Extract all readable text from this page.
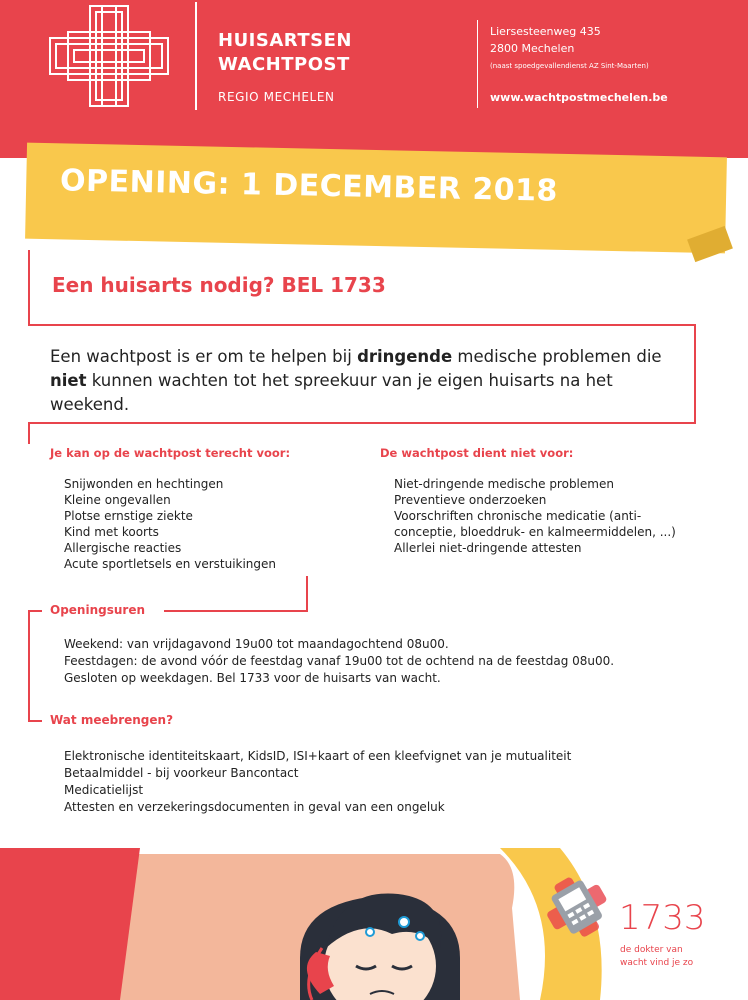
HUISARTSEN
WACHTPOST
REGIO MECHELEN
Liersesteenweg 435
2800 Mechelen
(naast spoedgevallendienst AZ Sint-Maarten)
www.wachtpostmechelen.be
OPENING: 1 DECEMBER 2018
Een huisarts nodig? BEL 1733
Een wachtpost is er om te helpen bij dringende medische problemen die niet kunnen wachten tot het spreekuur van je eigen huisarts na het weekend.
Je kan op de wachtpost terecht voor:
Snijwonden en hechtingen
Kleine ongevallen
Plotse ernstige ziekte
Kind met koorts
Allergische reacties
Acute sportletsels en verstuikingen
De wachtpost dient niet voor:
Niet-dringende medische problemen
Preventieve onderzoeken
Voorschriften chronische medicatie (anti-
conceptie, bloeddruk- en kalmeermiddelen, ...)
Allerlei niet-dringende attesten
Openingsuren
Weekend: van vrijdagavond 19u00 tot maandagochtend 08u00.
Feestdagen: de avond vóór de feestdag vanaf 19u00 tot de ochtend na de feestdag 08u00.
Gesloten op weekdagen. Bel 1733 voor de huisarts van wacht.
Wat meebrengen?
Elektronische identiteitskaart, KidsID, ISI+kaart of een kleefvignet van je mutualiteit
Betaalmiddel - bij voorkeur Bancontact
Medicatielijst
Attesten en verzekeringsdocumenten in geval van een ongeluk
1733
de dokter van
wacht vind je zo
